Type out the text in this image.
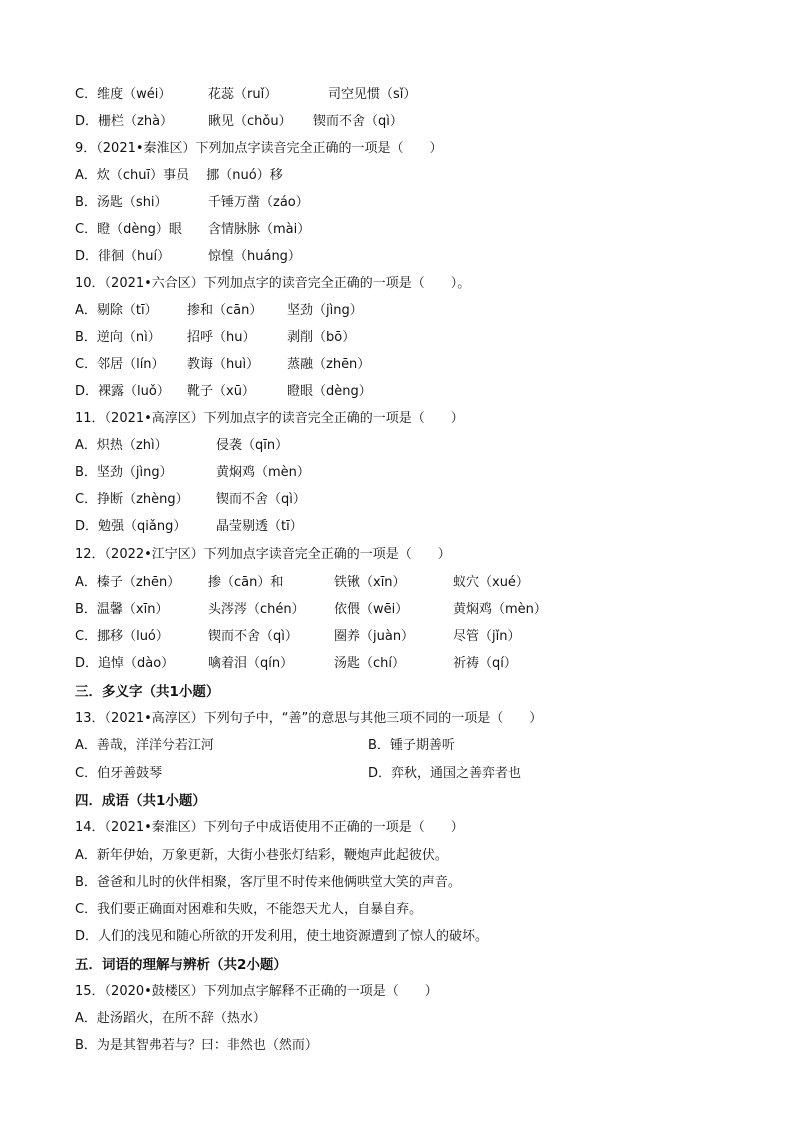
C．维度（wéi）	花蕊（ruǐ）	司空见惯（sǐ）
D．栅栏（zhà）	瞅见（chǒu） 锲而不舍（qì）
9．（2021•秦淮区）下列加点字读音完全正确的一项是（　　）
A．炊（chuī）事员　 挪（nuó）移
B．汤匙（shi）	千锤万凿（záo）
C．瞪（dèng）眼 含情脉脉（mài）
D．徘徊（huí）	惊惶（huáng）
10．（2021•六合区）下列加点字的读音完全正确的一项是（　　）。
A．剔除（tī） 掺和（cān） 坚劲（jìng）
B．逆向（nì） 招呼（hu） 剥削（bō）
C．邻居（lín） 教诲（huì） 蒸融（zhēn）
D．裸露（luǒ） 靴子（xū） 瞪眼（dèng）
11．（2021•高淳区）下列加点字的读音完全正确的一项是（　　）
A．炽热（zhì）	侵袭（qīn）
B．坚劲（jìng）	黄焖鸡（mèn）
C．挣断（zhèng） 锲而不舍（qì）
D．勉强（qiǎng） 晶莹剔透（tī）
12．（2022•江宁区）下列加点字读音完全正确的一项是（　　）
A．榛子（zhēn） 掺（cān）和	铁锹（xīn）	蚁穴（xué）
B．温馨（xīn）	头涔涔（chén） 依偎（wēi）	黄焖鸡（mèn）
C．挪移（luó）	锲而不舍（qì）	圈养（juàn）	尽管（jǐn）
D．追悼（dào）	噙着泪（qín）	汤匙（chí）	祈祷（qí）
三．多义字（共1小题）
13．（2021•高淳区）下列句子中，“善”的意思与其他三项不同的一项是（　　）
A．善哉，洋洋兮若江河	B．锺子期善听
C．伯牙善鼓琴	D．弈秋，通国之善弈者也
四．成语（共1小题）
14．（2021•秦淮区）下列句子中成语使用不正确的一项是（　　）
A．新年伊始，万象更新，大街小巷张灯结彩，鞭炮声此起彼伏。
B．爸爸和儿时的伙伴相聚，客厅里不时传来他俩哄堂大笑的声音。
C．我们要正确面对困难和失败，不能怨天尤人，自暴自弃。
D．人们的浅见和随心所欲的开发利用，使土地资源遭到了惊人的破坏。
五．词语的理解与辨析（共2小题）
15．（2020•鼓楼区）下列加点字解释不正确的一项是（　　）
A．赴汤蹈火，在所不辞（热水）
B．为是其智弗若与？曰：非然也（然而）
